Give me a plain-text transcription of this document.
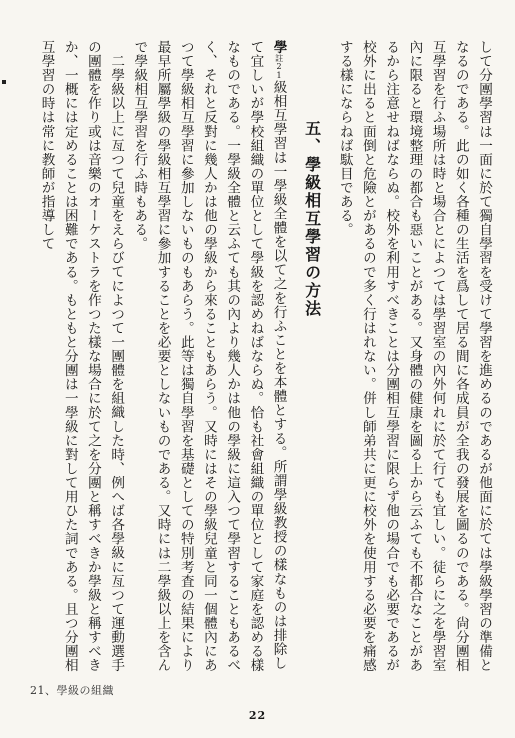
して分團學習は一面に於て獨自學習を受けて學習を進めるのであるが他面に於ては學級學習の準備となるのである。此の如く各種の生活を爲して居る間に各成員が全我の發展を圖るのである。尙分團相互學習を行ふ場所は時と場合とによつては學習室の內外何れに於て行ても宜しい。徒らに之を學習室內に限ると環境整理の都合も惡いことがある。又身體の健康を圖る上から云ふても不都合なことがあるから注意せねばならぬ。校外を利用すべきことは分團相互學習に限らず他の場合でも必要であるが校外に出ると面倒と危險とがあるので多く行はれない。併し師弟共に更に校外を使用する必要を痛感する樣にならねば駄目である。

五、學級相互學習の方法

學註21級相互學習は一學級全體を以て之を行ふことを本體とする。所謂學級教授の樣なものは排除して宜しいが學校組織の單位として學級を認めねばならぬ。恰も社會組織の單位として家庭を認める樣なものである。一學級全體と云ふても其の內より幾人かは他の學級に這入つて學習することもあるべく、それと反對に幾人かは他の學級から來ることもあらう。又時にはその學級兒童と同一個體內にあつて學級相互學習に參加しないものもあらう。此等は獨自學習を基礎としての特別考査の結果により最早所屬學級の學級相互學習に參加することを必要としないものである。又時には二學級以上を含んで學級相互學習を行ふ時もある。

二學級以上に亙つて兒童をえらびてによつて一團體を組織した時、例へば各學級に亙つて運動選手の團體を作り或は音樂のオーケストラを作つた樣な場合に於て之を分團と稱すべきか學級と稱すべきか、一概には定めることは困難である。もともと分團は一學級に對して用ひた詞である。且つ分團相互學習の時は常に教師が指導して

21、學級の組織
22
